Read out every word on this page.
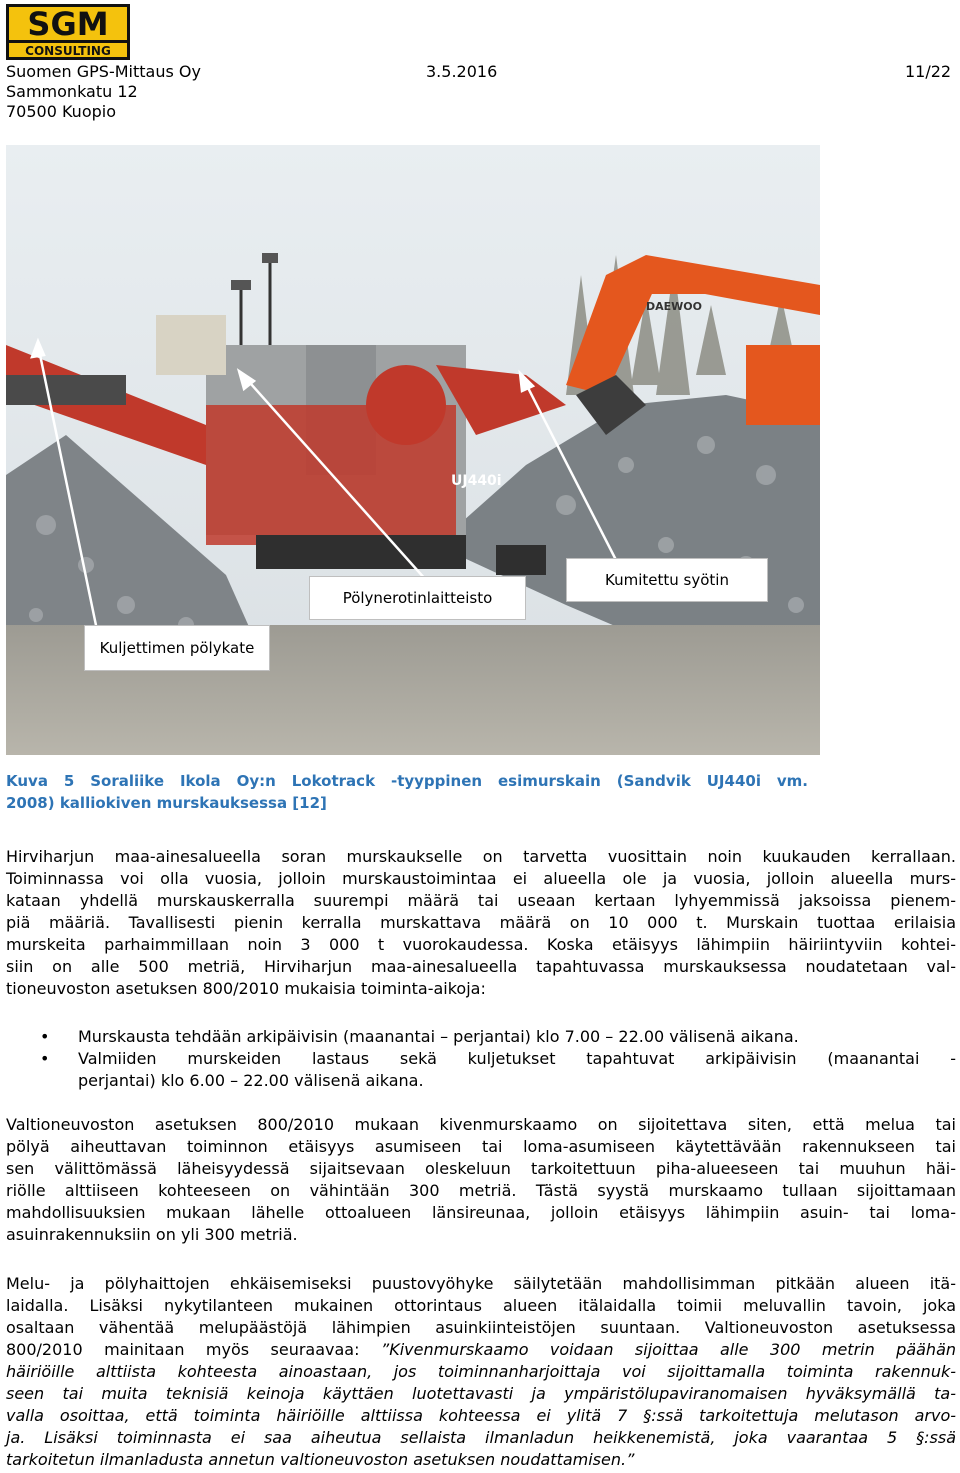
SGM
CONSULTING
Suomen GPS-Mittaus Oy
Sammonkatu 12
70500 Kuopio
3.5.2016	11/22
UJ440i
DAEWOO
Kumitettu syötin
Pölynerotinlaitteisto
Kuljettimen pölykate
Kuva 5 Soraliike Ikola Oy:n Lokotrack -tyyppinen esimurskain (Sandvik UJ440i vm.
2008) kalliokiven murskauksessa [12]
Hirviharjun maa-ainesalueella soran murskaukselle on tarvetta vuosittain noin kuukauden kerrallaan.
Toiminnassa voi olla vuosia, jolloin murskaustoimintaa ei alueella ole ja vuosia, jolloin alueella murs-
kataan yhdellä murskauskerralla suurempi määrä tai useaan kertaan lyhyemmissä jaksoissa pienem-
piä määriä. Tavallisesti pienin kerralla murskattava määrä on 10 000 t. Murskain tuottaa erilaisia
murskeita parhaimmillaan noin 3 000 t vuorokaudessa. Koska etäisyys lähimpiin häiriintyviin kohtei-
siin on alle 500 metriä, Hirviharjun maa-ainesalueella tapahtuvassa murskauksessa noudatetaan val-
tioneuvoston asetuksen 800/2010 mukaisia toiminta-aikoja:
• Murskausta tehdään arkipäivisin (maanantai – perjantai) klo 7.00 – 22.00 välisenä aikana.
• Valmiiden murskeiden lastaus sekä kuljetukset tapahtuvat arkipäivisin (maanantai -
perjantai) klo 6.00 – 22.00 välisenä aikana.
Valtioneuvoston asetuksen 800/2010 mukaan kivenmurskaamo on sijoitettava siten, että melua tai
pölyä aiheuttavan toiminnon etäisyys asumiseen tai loma-asumiseen käytettävään rakennukseen tai
sen välittömässä läheisyydessä sijaitsevaan oleskeluun tarkoitettuun piha-alueeseen tai muuhun häi-
riölle alttiiseen kohteeseen on vähintään 300 metriä. Tästä syystä murskaamo tullaan sijoittamaan
mahdollisuuksien mukaan lähelle ottoalueen länsireunaa, jolloin etäisyys lähimpiin asuin- tai loma-
asuinrakennuksiin on yli 300 metriä.
Melu- ja pölyhaittojen ehkäisemiseksi puustovyöhyke säilytetään mahdollisimman pitkään alueen itä-
laidalla. Lisäksi nykytilanteen mukainen ottorintaus alueen itälaidalla toimii meluvallin tavoin, joka
osaltaan vähentää melupäästöjä lähimpien asuinkiinteistöjen suuntaan. Valtioneuvoston asetuksessa
800/2010 mainitaan myös seuraavaa: ”Kivenmurskaamo voidaan sijoittaa alle 300 metrin päähän
häiriöille alttiista kohteesta ainoastaan, jos toiminnanharjoittaja voi sijoittamalla toiminta rakennuk-
seen tai muita teknisiä keinoja käyttäen luotettavasti ja ympäristölupaviranomaisen hyväksymällä ta-
valla osoittaa, että toiminta häiriöille alttiissa kohteessa ei ylitä 7 §:ssä tarkoitettuja melutason arvo-
ja. Lisäksi toiminnasta ei saa aiheutua sellaista ilmanladun heikkenemistä, joka vaarantaa 5 §:ssä
tarkoitetun ilmanladusta annetun valtioneuvoston asetuksen noudattamisen.”
